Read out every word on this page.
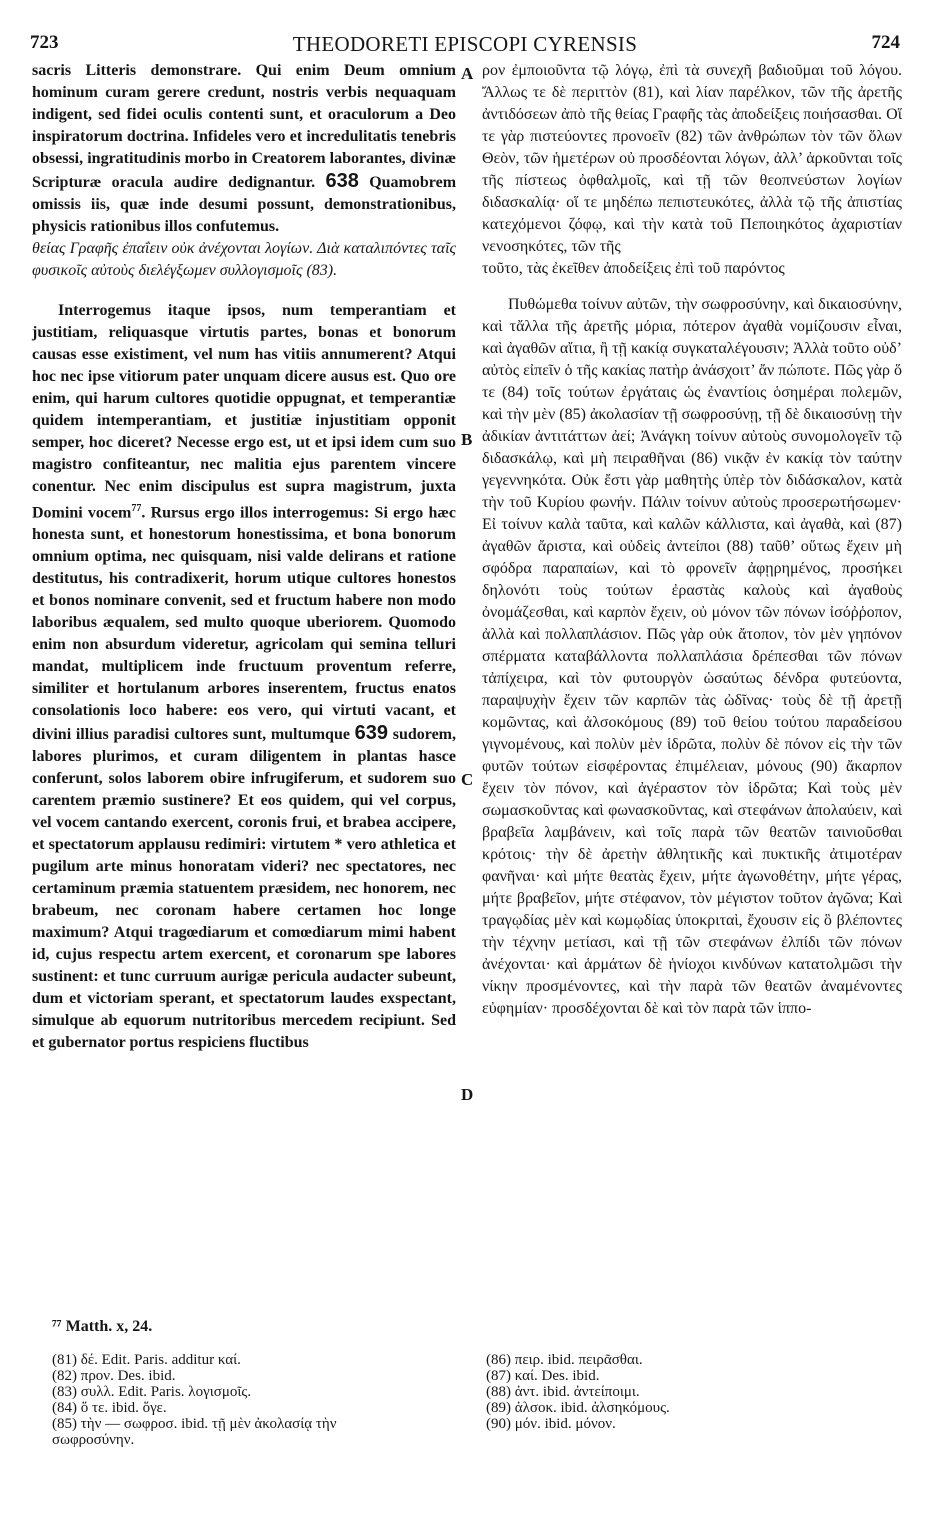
723	THEODORETI EPISCOPI CYRENSIS	724
A
B
C
D

sacris Litteris demonstrare. Qui enim Deum omnium hominum curam gerere credunt, nostris verbis nequaquam indigent, sed fidei oculis contenti sunt, et oraculorum a Deo inspiratorum doctrina. Infideles vero et incredulitatis tenebris obsessi, ingratitudinis morbo in Creatorem laborantes, divinæ Scripturæ oracula audire dedignantur. 638 Quamobrem omissis iis, quæ inde desumi possunt, demonstrationibus, physicis rationibus illos confutemus.

θείας Γραφῆς ἐπαΐειν οὐκ ἀνέχονται λογίων. Διὰ καταλιπόντες ταῖς φυσικοῖς αὐτοὺς διελέγξωμεν συλλογισμοῖς (83).

Interrogemus itaque ipsos, num temperantiam et justitiam, reliquasque virtutis partes, bonas et bonorum causas esse existiment, vel num has vitiis annumerent? Atqui hoc nec ipse vitiorum pater unquam dicere ausus est. Quo ore enim, qui harum cultores quotidie oppugnat, et temperantiæ quidem intemperantiam, et justitiæ injustitiam opponit semper, hoc diceret? Necesse ergo est, ut et ipsi idem cum suo magistro confiteantur, nec malitia ejus parentem vincere conentur. Nec enim discipulus est supra magistrum, juxta Domini vocem$^{77}$. Rursus ergo illos interrogemus: Si ergo hæc honesta sunt, et honestorum honestissima, et bona bonorum omnium optima, nec quisquam, nisi valde delirans et ratione destitutus, his contradixerit, horum utique cultores honestos et bonos nominare convenit, sed et fructum habere non modo laboribus æqualem, sed multo quoque uberiorem. Quomodo enim non absurdum videretur, agricolam qui semina telluri mandat, multiplicem inde fructuum proventum referre, similiter et hortulanum arbores inserentem, fructus enatos consolationis loco habere: eos vero, qui virtuti vacant, et divini illius paradisi cultores sunt, multumque 639 sudorem, labores plurimos, et curam diligentem in plantas hasce conferunt, solos laborem obire infrugiferum, et sudorem suo carentem præmio sustinere? Et eos quidem, qui vel corpus, vel vocem cantando exercent, coronis frui, et brabea accipere, et spectatorum applausu redimiri: virtutem * vero athletica et pugilum arte minus honoratam videri? nec spectatores, nec certaminum præmia statuentem præsidem, nec honorem, nec brabeum, nec coronam habere certamen hoc longe maximum? Atqui tragœdiarum et comœdiarum mimi habent id, cujus respectu artem exercent, et coronarum spe labores sustinent: et tunc curruum aurigæ pericula audacter subeunt, dum et victoriam sperant, et spectatorum laudes exspectant, simulque ab equorum nutritoribus mercedem recipiunt. Sed et gubernator portus respiciens fluctibus

ρον ἐμποιοῦντα τῷ λόγῳ, ἐπὶ τὰ συνεχῆ βαδιοῦμαι τοῦ λόγου. Ἄλλως τε δὲ περιττὸν (81), καὶ λίαν παρέλκον, τῶν τῆς ἀρετῆς ἀντιδόσεων ἀπὸ τῆς θείας Γραφῆς τὰς ἀποδείξεις ποιήσασθαι. Οἵ τε γὰρ πιστεύοντες προνοεῖν (82) τῶν ἀνθρώπων τὸν τῶν ὅλων Θεὸν, τῶν ἡμετέρων οὐ προσδέονται λόγων, ἀλλ’ ἀρκοῦνται τοῖς τῆς πίστεως ὀφθαλμοῖς, καὶ τῇ τῶν θεοπνεύστων λογίων διδασκαλίᾳ· οἵ τε μηδέπω πεπιστευκότες, ἀλλὰ τῷ τῆς ἀπιστίας κατεχόμενοι ζόφῳ, καὶ τὴν κατὰ τοῦ Πεποιηκότος ἀχαριστίαν νενοσηκότες, τῶν τῆς

τοῦτο, τὰς ἐκεῖθεν ἀποδείξεις ἐπὶ τοῦ παρόντος

Πυθώμεθα τοίνυν αὐτῶν, τὴν σωφροσύνην, καὶ δικαιοσύνην, καὶ τἄλλα τῆς ἀρετῆς μόρια, πότερον ἀγαθὰ νομίζουσιν εἶναι, καὶ ἀγαθῶν αἴτια, ἢ τῇ κακίᾳ συγκαταλέγουσιν; Ἀλλὰ τοῦτο οὐδ’ αὐτὸς εἰπεῖν ὁ τῆς κακίας πατὴρ ἀνάσχοιτ’ ἄν πώποτε. Πῶς γὰρ ὅ τε (84) τοῖς τούτων ἐργάταις ὡς ἐναντίοις ὁσημέραι πολεμῶν, καὶ τὴν μὲν (85) ἀκολασίαν τῇ σωφροσύνῃ, τῇ δὲ δικαιοσύνῃ τὴν ἀδικίαν ἀντιτάττων ἀεί; Ἀνάγκη τοίνυν αὐτοὺς συνομολογεῖν τῷ διδασκάλῳ, καὶ μὴ πειραθῆναι (86) νικᾷν ἐν κακίᾳ τὸν ταύτην γεγεννηκότα. Οὐκ ἔστι γὰρ μαθητὴς ὑπὲρ τὸν διδάσκαλον, κατὰ τὴν τοῦ Κυρίου φωνήν. Πάλιν τοίνυν αὐτοὺς προσερωτήσωμεν· Εἰ τοίνυν καλὰ ταῦτα, καὶ καλῶν κάλλιστα, καὶ ἀγαθὰ, καὶ (87) ἀγαθῶν ἄριστα, καὶ οὐδεὶς ἀντείποι (88) ταῦθ’ οὕτως ἔχειν μὴ σφόδρα παραπαίων, καὶ τὸ φρονεῖν ἀφῃρημένος, προσήκει δηλονότι τοὺς τούτων ἐραστὰς καλοὺς καὶ ἀγαθοὺς ὀνομάζεσθαι, καὶ καρπὸν ἔχειν, οὐ μόνον τῶν πόνων ἰσόῤῥοπον, ἀλλὰ καὶ πολλαπλάσιον. Πῶς γὰρ οὐκ ἄτοπον, τὸν μὲν γηπόνον σπέρματα καταβάλλοντα πολλαπλάσια δρέπεσθαι τῶν πόνων τἀπίχειρα, καὶ τὸν φυτουργὸν ὡσαύτως δένδρα φυτεύοντα, παραψυχὴν ἔχειν τῶν καρπῶν τὰς ὠδῖνας· τοὺς δὲ τῇ ἀρετῇ κομῶντας, καὶ ἀλσοκόμους (89) τοῦ θείου τούτου παραδείσου γιγνομένους, καὶ πολὺν μὲν ἱδρῶτα, πολὺν δὲ πόνον εἰς τὴν τῶν φυτῶν τούτων εἰσφέροντας ἐπιμέλειαν, μόνους (90) ἄκαρπον ἔχειν τὸν πόνον, καὶ ἀγέραστον τὸν ἱδρῶτα; Καὶ τοὺς μὲν σωμασκοῦντας καὶ φωνασκοῦντας, καὶ στεφάνων ἀπολαύειν, καὶ βραβεῖα λαμβάνειν, καὶ τοῖς παρὰ τῶν θεατῶν ταινιοῦσθαι κρότοις· τὴν δὲ ἀρετὴν ἀθλητικῆς καὶ πυκτικῆς ἀτιμοτέραν φανῆναι· καὶ μήτε θεατὰς ἔχειν, μήτε ἀγωνοθέτην, μήτε γέρας, μήτε βραβεῖον, μήτε στέφανον, τὸν μέγιστον τοῦτον ἀγῶνα; Καὶ τραγῳδίας μὲν καὶ κωμῳδίας ὑποκριταὶ, ἔχουσιν εἰς ὃ βλέποντες τὴν τέχνην μετίασι, καὶ τῇ τῶν στεφάνων ἐλπίδι τῶν πόνων ἀνέχονται· καὶ ἁρμάτων δὲ ἡνίοχοι κινδύνων κατατολμῶσι τὴν νίκην προσμένοντες, καὶ τὴν παρὰ τῶν θεατῶν ἀναμένοντες εὐφημίαν· προσδέχονται δὲ καὶ τὸν παρὰ τῶν ἱππο-

⁷⁷ Matth. x, 24.
(81) δέ. Edit. Paris. additur καί.
(82) προν. Des. ibid.
(83) συλλ. Edit. Paris. λογισμοῖς.
(84) ὅ τε. ibid. ὅγε.
(85) τὴν — σωφροσ. ibid. τῇ μὲν ἀκολασίᾳ τὴν
σωφροσύνην.
(86) πειρ. ibid. πειρᾶσθαι.
(87) καί. Des. ibid.
(88) ἀντ. ibid. ἀντείποιμι.
(89) ἀλσοκ. ibid. ἀλσηκόμους.
(90) μόν. ibid. μόνον.
